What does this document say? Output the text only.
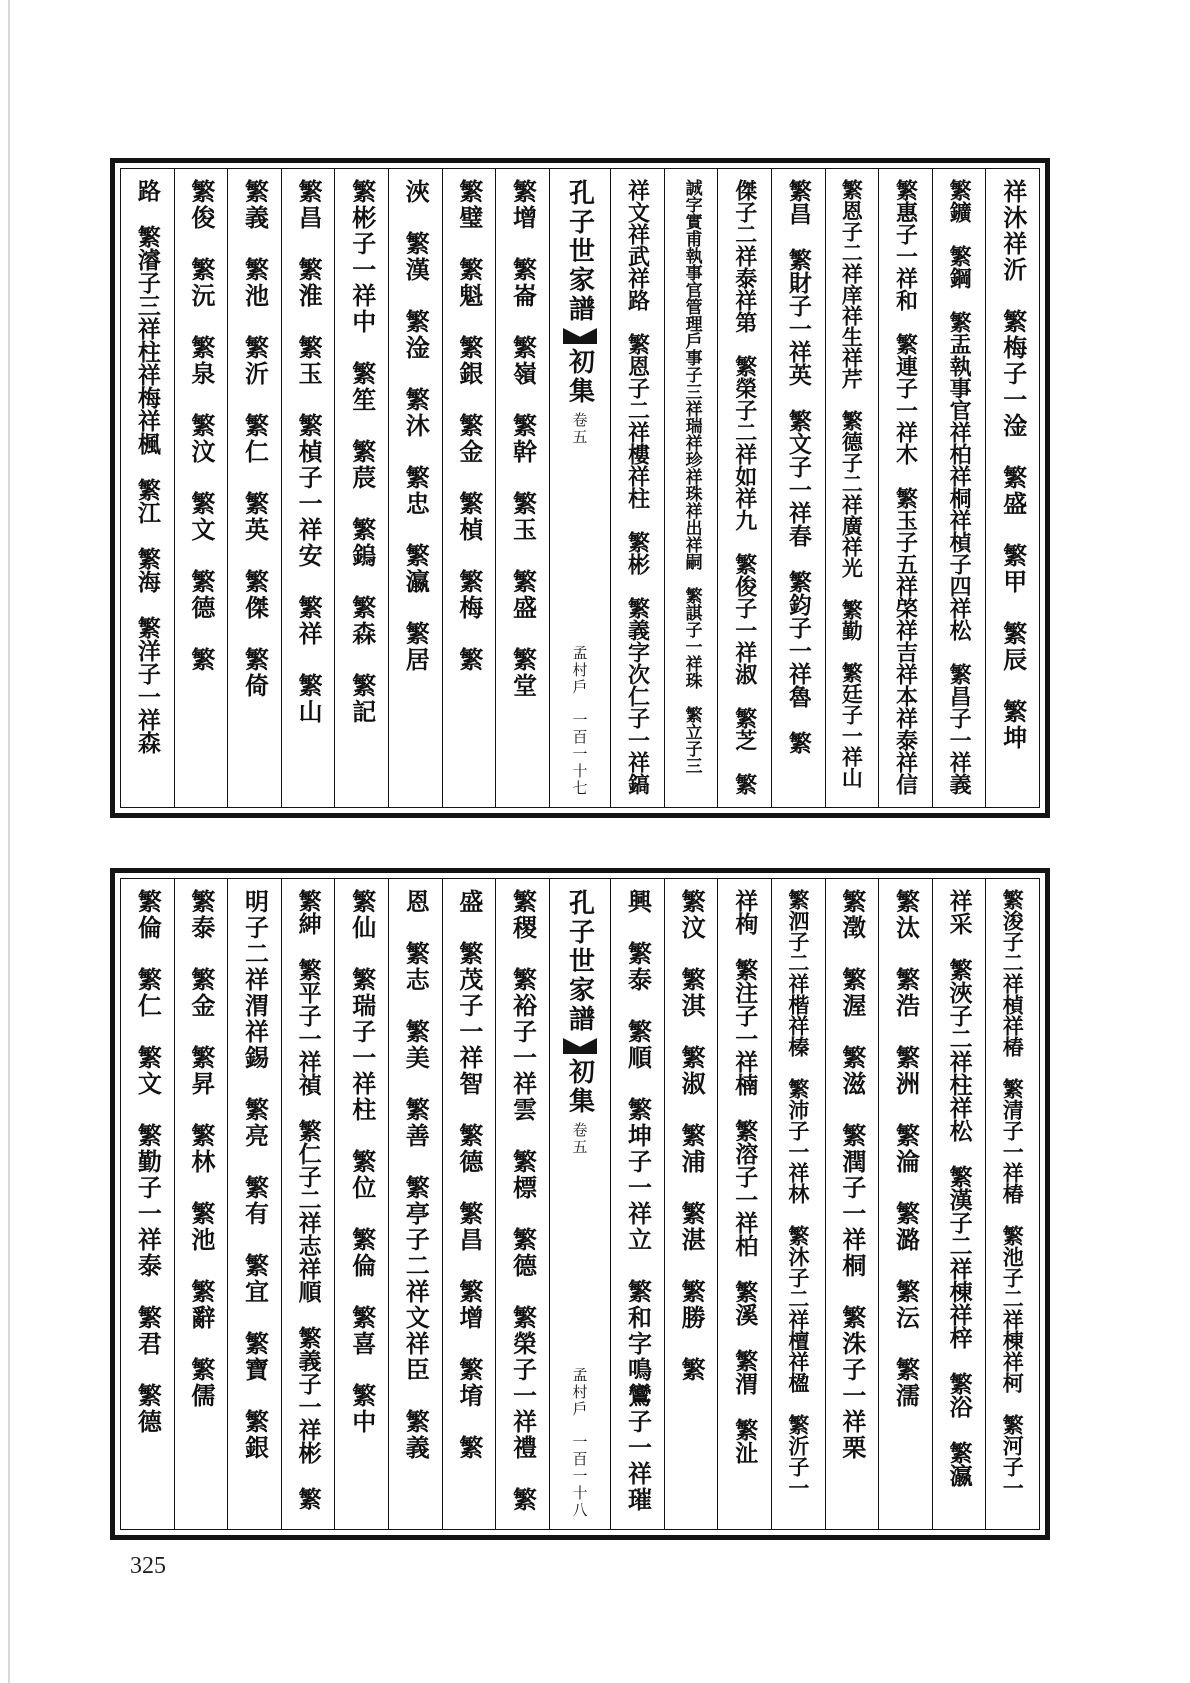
祥沐祥沂　繁梅子一淦　繁盛　繁甲　繁辰　繁坤
繁鑛　繁鋼　繁盂執事官祥柏祥桐祥楨子四祥松　繁昌子一祥義
繁惠子一祥和　繁連子一祥木　繁玉子五祥棨祥吉祥本祥泰祥信
繁恩子二祥庠祥生祥芹　繁德子二祥廣祥光　繁勤　繁廷子一祥山
繁昌　繁財子一祥英　繁文子一祥春　繁鈞子一祥魯　繁
傑子二祥泰祥第　繁榮子二祥如祥九　繁俊子一祥淑　繁芝　繁
誠字實甫執事官管理戶事子三祥瑞祥珍祥珠祥出祥嗣　繁諆子一祥珠　繁立子三
祥文祥武祥路　繁恩子二祥樓祥柱　繁彬　繁義字次仁子一祥鎬
孔子世家譜
初集
卷五
孟村戶
一百一十七
繁增　繁崙　繁嶺　繁幹　繁玉　繁盛　繁堂
繁璧　繁魁　繁銀　繁金　繁楨　繁梅　繁
浹　繁漢　繁淦　繁沐　繁忠　繁瀛　繁居
繁彬子一祥中　繁笙　繁莀　繁鎢　繁森　繁記
繁昌　繁淮　繁玉　繁楨子一祥安　繁祥　繁山
繁義　繁池　繁沂　繁仁　繁英　繁傑　繁倚
繁俊　繁沅　繁泉　繁汶　繁文　繁德　繁
路　繁濬子三祥柱祥梅祥楓　繁江　繁海　繁洋子一祥森
繁浚子二祥楨祥椿　繁清子一祥椿　繁池子二祥棟祥柯　繁河子一
祥采　繁浹子二祥柱祥松　繁漢子二祥棟祥梓　繁浴　繁瀛
繁汰　繁浩　繁洲　繁淪　繁潞　繁沄　繁濡
繁澂　繁渥　繁滋　繁潤子一祥桐　繁洙子一祥栗
繁泗子二祥楷祥榛　繁沛子一祥林　繁沐子二祥檀祥楹　繁沂子一
祥栒　繁注子一祥楠　繁溶子一祥柏　繁溪　繁渭　繁沚
繁汶　繁淇　繁淑　繁浦　繁湛　繁勝　繁
興　繁泰　繁順　繁坤子一祥立　繁和字鳴鸞子一祥璀
孔子世家譜
初集
卷五
孟村戶
一百一十八
繁稷　繁裕子一祥雲　繁標　繁德　繁榮子一祥禮　繁
盛　繁茂子一祥智　繁德　繁昌　繁增　繁堉　繁
恩　繁志　繁美　繁善　繁亭子二祥文祥臣　繁義
繁仙　繁瑞子一祥柱　繁位　繁倫　繁喜　繁中
繁紳　繁平子一祥禎　繁仁子二祥志祥順　繁義子一祥彬　繁
明子二祥渭祥錫　繁亮　繁有　繁宜　繁寶　繁銀
繁泰　繁金　繁昇　繁林　繁池　繁辭　繁儒
繁倫　繁仁　繁文　繁勤子一祥泰　繁君　繁德
325
